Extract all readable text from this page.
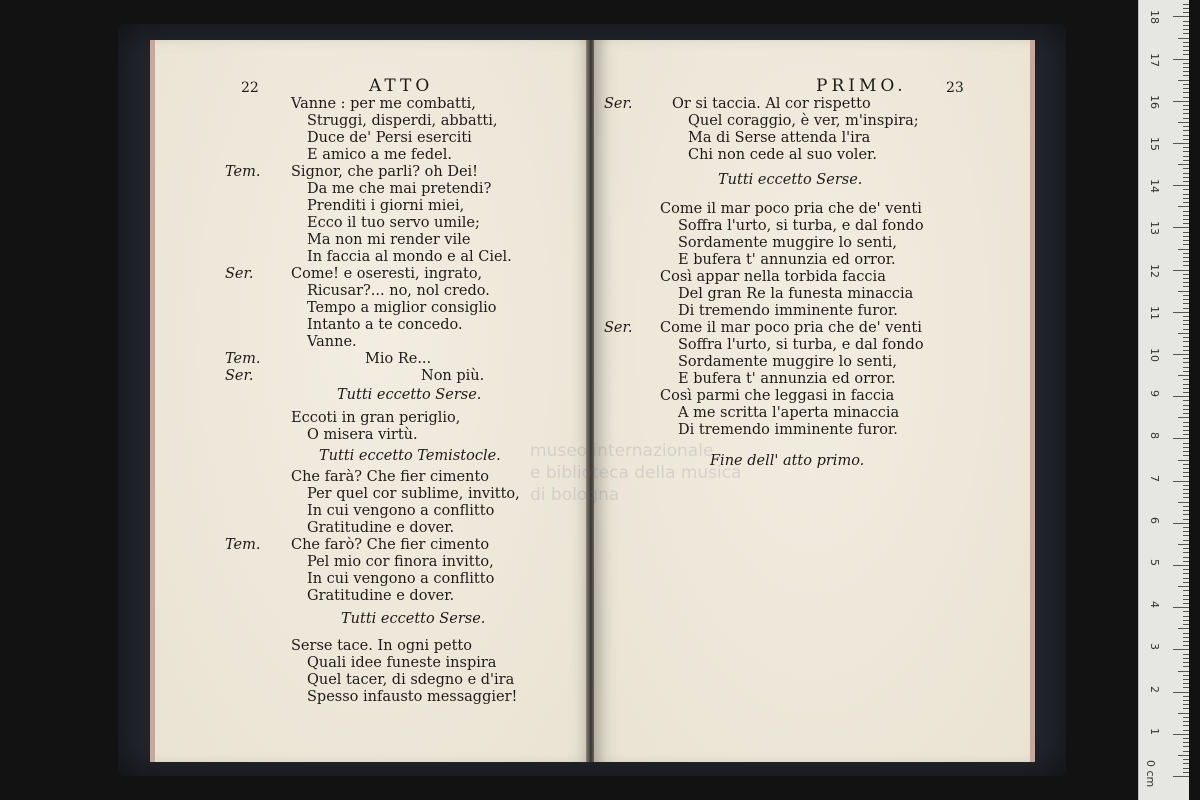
22	ATTO
Vanne : per me combatti,
Struggi, disperdi, abbatti,
Duce de' Persi eserciti
E amico a me fedel.
Tem. Signor, che parli? oh Dei!
Da me che mai pretendi?
Prenditi i giorni miei,
Ecco il tuo servo umile;
Ma non mi render vile
In faccia al mondo e al Ciel.
Ser.	Come! e oseresti, ingrato,
Ricusar?... no, nol credo.
Tempo a miglior consiglio
Intanto a te concedo.
Vanne.
Tem.	Mio Re...
Ser.	Non più.
Tutti eccetto Serse.
Eccoti in gran periglio,
O misera virtù.
Tutti eccetto Temistocle.
Che farà? Che fier cimento
Per quel cor sublime, invitto,
In cui vengono a conflitto
Gratitudine e dover.
Tem. Che farò? Che fier cimento
Pel mio cor finora invitto,
In cui vengono a conflitto
Gratitudine e dover.
Tutti eccetto Serse.
Serse tace. In ogni petto
Quali idee funeste inspira
Quel tacer, di sdegno e d'ira
Spesso infausto messaggier!
23
PRIMO.
Ser.	Or si taccia. Al cor rispetto
Quel coraggio, è ver, m'inspira;
Ma di Serse attenda l'ira
Chi non cede al suo voler.
Tutti eccetto Serse.
Come il mar poco pria che de' venti
Soffra l'urto, si turba, e dal fondo
Sordamente muggire lo senti,
E bufera t' annunzia ed orror.
Così appar nella torbida faccia
Del gran Re la funesta minaccia
Di tremendo imminente furor.
Ser. Come il mar poco pria che de' venti
Soffra l'urto, si turba, e dal fondo
Sordamente muggire lo senti,
E bufera t' annunzia ed orror.
Così parmi che leggasi in faccia
A me scritta l'aperta minaccia
Di tremendo imminente furor.
Fine dell' atto primo.
museo internazionale
e biblioteca della musica
di bologna
0 cm
1
2
3
4
5
6
7
8
9
10
11
12
13
14
15
16
17
18
